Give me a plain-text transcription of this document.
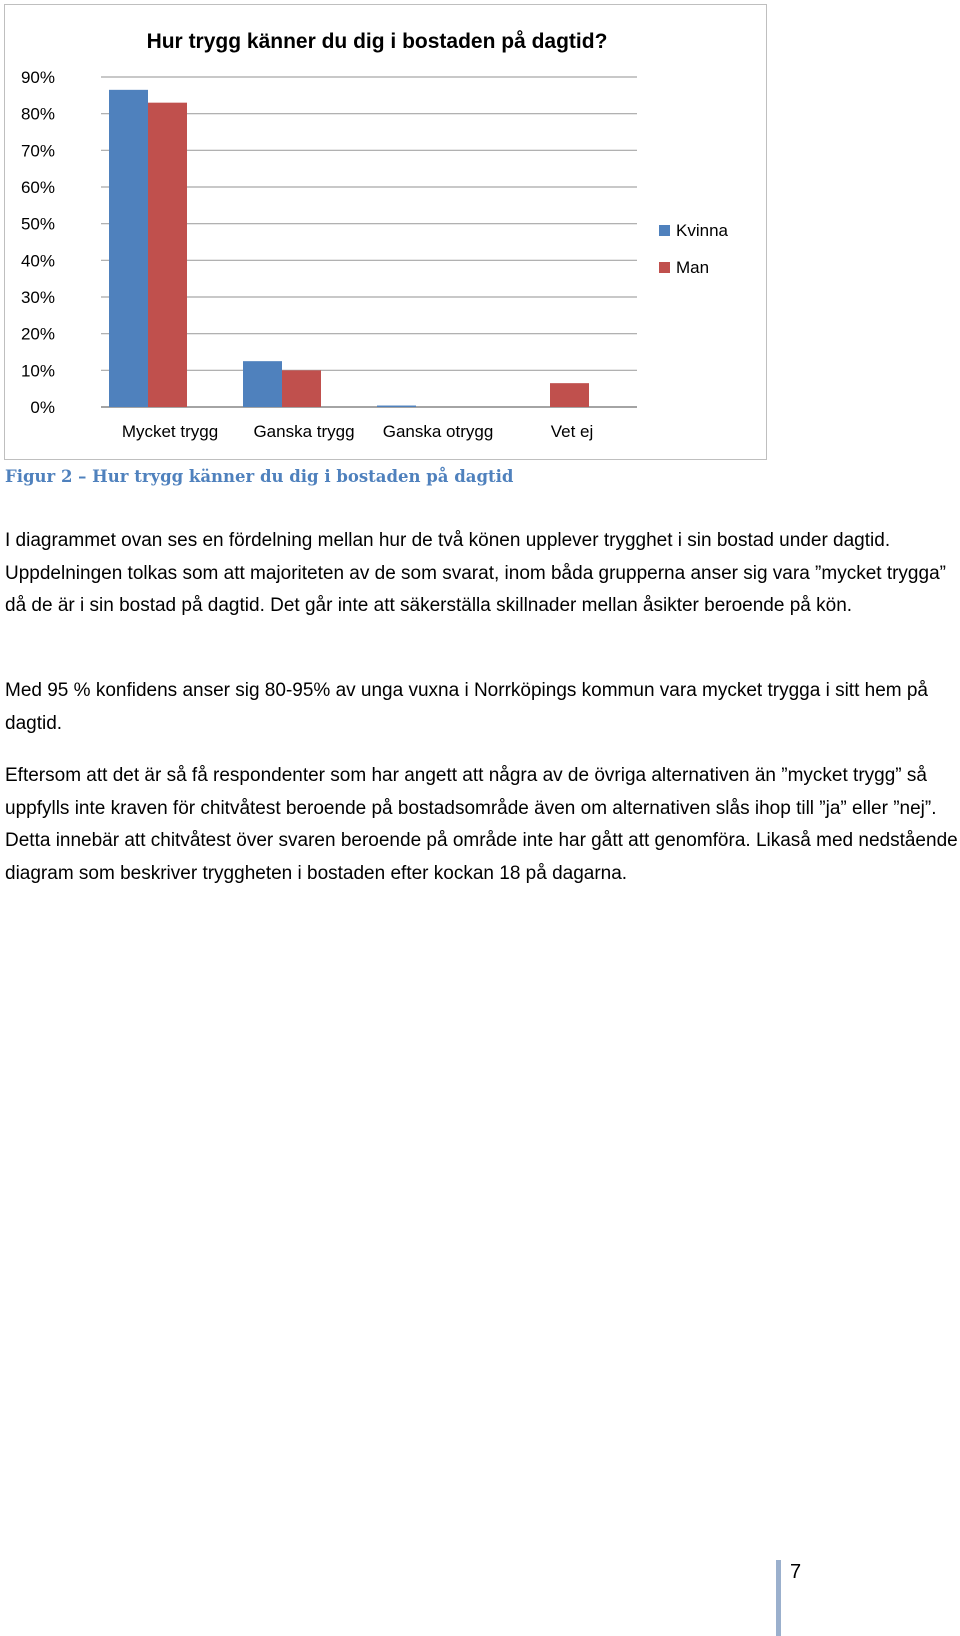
Hur trygg känner du dig i bostaden på dagtid?
0%
10%
20%
30%
40%
50%
60%
70%
80%
90%
Mycket trygg Ganska trygg Ganska otrygg	Vet ej
Kvinna
Man

Figur 2 – Hur trygg känner du dig i bostaden på dagtid

I diagrammet ovan ses en fördelning mellan hur de två könen upplever trygghet i sin bostad under dagtid. Uppdelningen tolkas som att majoriteten av de som svarat, inom båda grupperna anser sig vara ”mycket trygga” då de är i sin bostad på dagtid. Det går inte att säkerställa skillnader mellan åsikter beroende på kön.

Med 95 % konfidens anser sig 80-95% av unga vuxna i Norrköpings kommun vara mycket trygga i sitt hem på dagtid.

Eftersom att det är så få respondenter som har angett att några av de övriga alternativen än ”mycket trygg” så uppfylls inte kraven för chitvåtest beroende på bostadsområde även om alternativen slås ihop till ”ja” eller ”nej”. Detta innebär att chitvåtest över svaren beroende på område inte har gått att genomföra. Likaså med nedstående diagram som beskriver tryggheten i bostaden efter kockan 18 på dagarna.

7
